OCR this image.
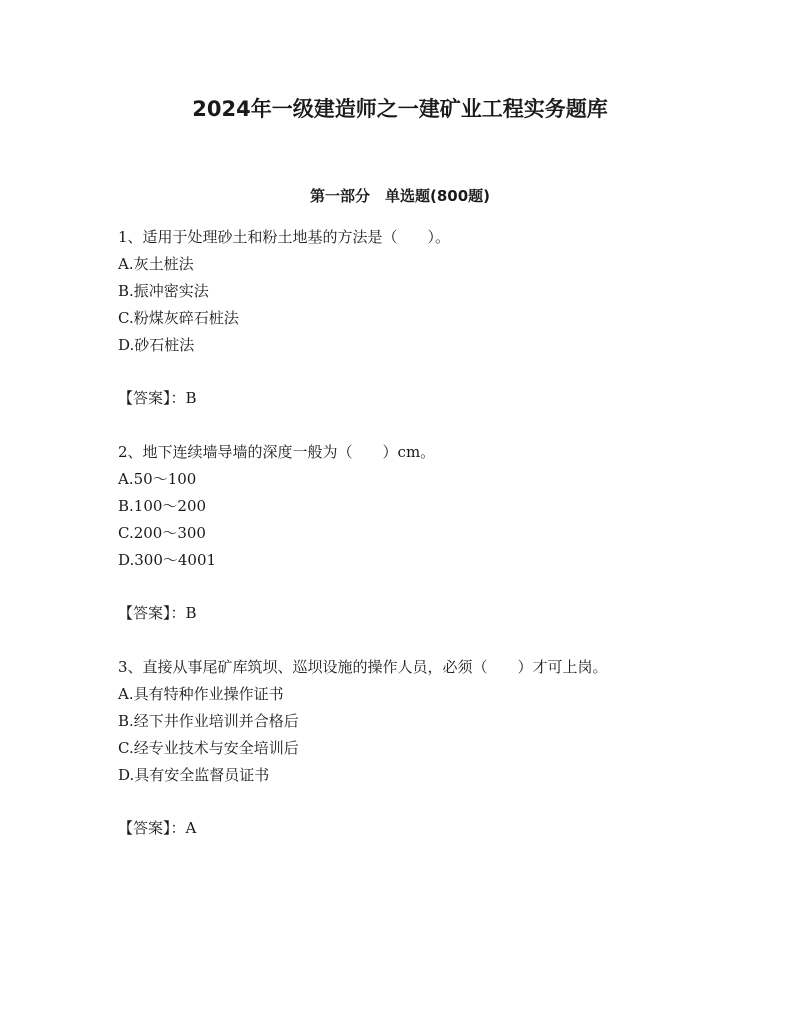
2024年一级建造师之一建矿业工程实务题库
第一部分　单选题(800题)

1、适用于处理砂土和粉土地基的方法是（　　）。

A.灰土桩法

B.振冲密实法

C.粉煤灰碎石桩法

D.砂石桩法

【答案】：B

2、地下连续墙导墙的深度一般为（　　）cm。

A.50～100

B.100～200

C.200～300

D.300～4001

【答案】：B

3、直接从事尾矿库筑坝、巡坝设施的操作人员，必须（　　）才可上岗。

A.具有特种作业操作证书

B.经下井作业培训并合格后

C.经专业技术与安全培训后

D.具有安全监督员证书

【答案】：A
